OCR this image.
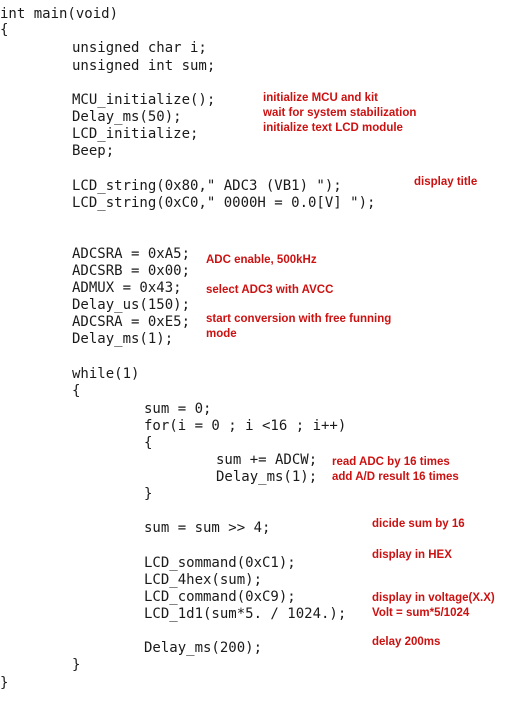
int main(void)
{
unsigned char i;
unsigned int sum;
MCU_initialize();
Delay_ms(50);
LCD_initialize;
Beep;
LCD_string(0x80," ADC3 (VB1) ");
LCD_string(0xC0," 0000H = 0.0[V] ");
ADCSRA = 0xA5;
ADCSRB = 0x00;
ADMUX = 0x43;
Delay_us(150);
ADCSRA = 0xE5;
Delay_ms(1);
while(1)
{
sum = 0;
for(i = 0 ; i <16 ; i++)
{
sum += ADCW;
Delay_ms(1);
}
sum = sum >> 4;
LCD_sommand(0xC1);
LCD_4hex(sum);
LCD_command(0xC9);
LCD_1d1(sum*5. / 1024.);
Delay_ms(200);
}
}
initialize MCU and kit
wait for system stabilization
initialize text LCD module
display title
ADC enable, 500kHz
select ADC3 with AVCC
start conversion with free funning
mode
read ADC by 16 times
add A/D result 16 times
dicide sum by 16
display in HEX
display in voltage(X.X)
Volt = sum*5/1024
delay 200ms
